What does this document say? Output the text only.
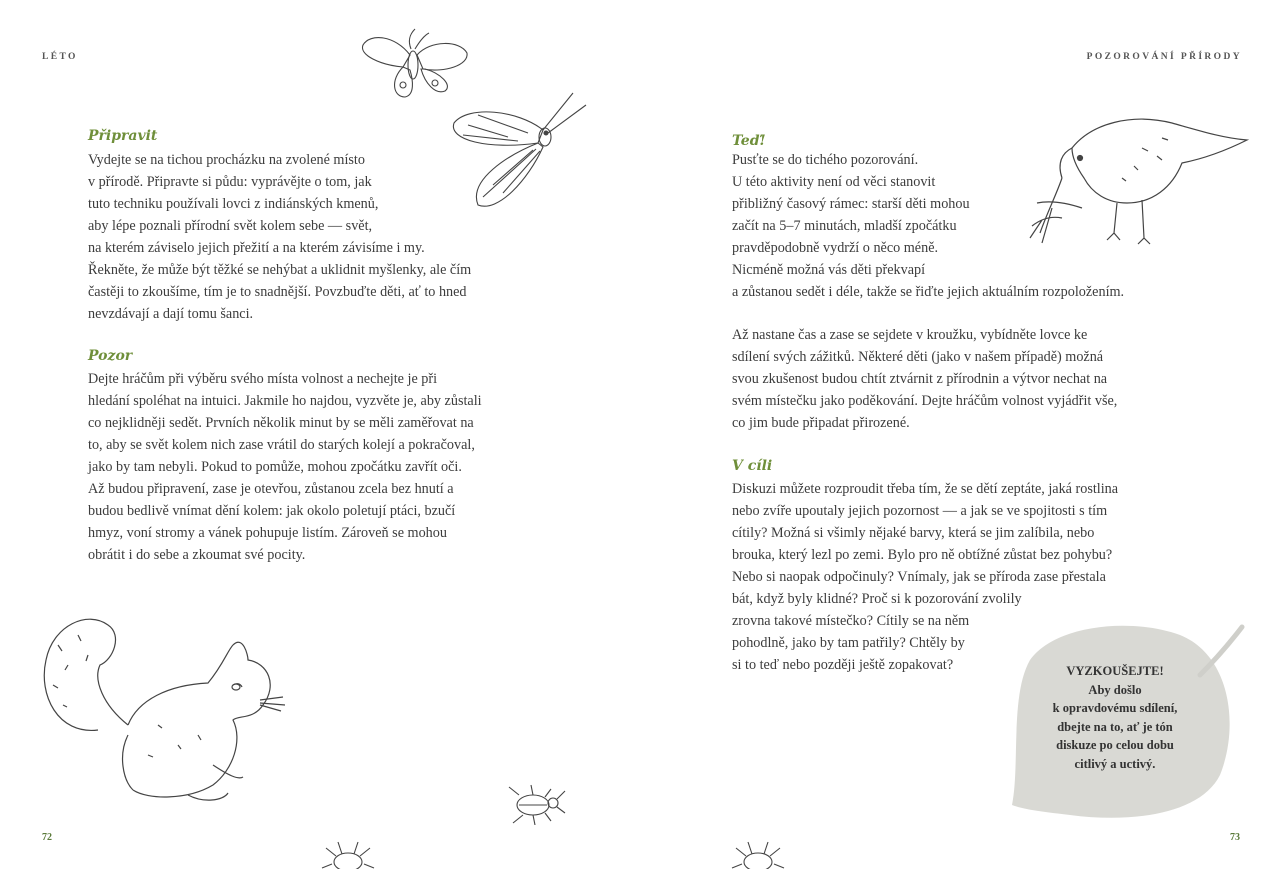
LÉTO
Připravit
Vydejte se na tichou procházku na zvolené místo
v přírodě. Připravte si půdu: vyprávějte o tom, jak
tuto techniku používali lovci z indiánských kmenů,
aby lépe poznali přírodní svět kolem sebe — svět,
na kterém záviselo jejich přežití a na kterém závisíme i my.
Řekněte, že může být těžké se nehýbat a uklidnit myšlenky, ale čím
častěji to zkoušíme, tím je to snadnější. Povzbuďte děti, ať to hned
nevzdávají a dají tomu šanci.
Pozor
Dejte hráčům při výběru svého místa volnost a nechejte je při
hledání spoléhat na intuici. Jakmile ho najdou, vyzvěte je, aby zůstali
co nejklidněji sedět. Prvních několik minut by se měli zaměřovat na
to, aby se svět kolem nich zase vrátil do starých kolejí a pokračoval,
jako by tam nebyli. Pokud to pomůže, mohou zpočátku zavřít oči.
Až budou připravení, zase je otevřou, zůstanou zcela bez hnutí a
budou bedlivě vnímat dění kolem: jak okolo poletují ptáci, bzučí
hmyz, voní stromy a vánek pohupuje listím. Zároveň se mohou
obrátit i do sebe a zkoumat své pocity.
72
POZOROVÁNÍ PŘÍRODY
73
Teď!
Pusťte se do tichého pozorování.
U této aktivity není od věci stanovit
přibližný časový rámec: starší děti mohou
začít na 5–7 minutách, mladší zpočátku
pravděpodobně vydrží o něco méně.
Nicméně možná vás děti překvapí
a zůstanou sedět i déle, takže se řiďte jejich aktuálním rozpoložením.
Až nastane čas a zase se sejdete v kroužku, vybídněte lovce ke
sdílení svých zážitků. Některé děti (jako v našem případě) možná
svou zkušenost budou chtít ztvárnit z přírodnin a výtvor nechat na
svém místečku jako poděkování. Dejte hráčům volnost vyjádřit vše,
co jim bude připadat přirozené.
V cíli
Diskuzi můžete rozproudit třeba tím, že se dětí zeptáte, jaká rostlina
nebo zvíře upoutaly jejich pozornost — a jak se ve spojitosti s tím
cítily? Možná si všimly nějaké barvy, která se jim zalíbila, nebo
brouka, který lezl po zemi. Bylo pro ně obtížné zůstat bez pohybu?
Nebo si naopak odpočinuly? Vnímaly, jak se příroda zase přestala
bát, když byly klidné? Proč si k pozorování zvolily
zrovna takové místečko? Cítily se na něm
pohodlně, jako by tam patřily? Chtěly by
si to teď nebo později ještě zopakovat?	VYZKOUŠEJTE!
Aby došlo
k opravdovému sdílení,
dbejte na to, ať je tón
diskuze po celou dobu
citlivý a uctivý.
